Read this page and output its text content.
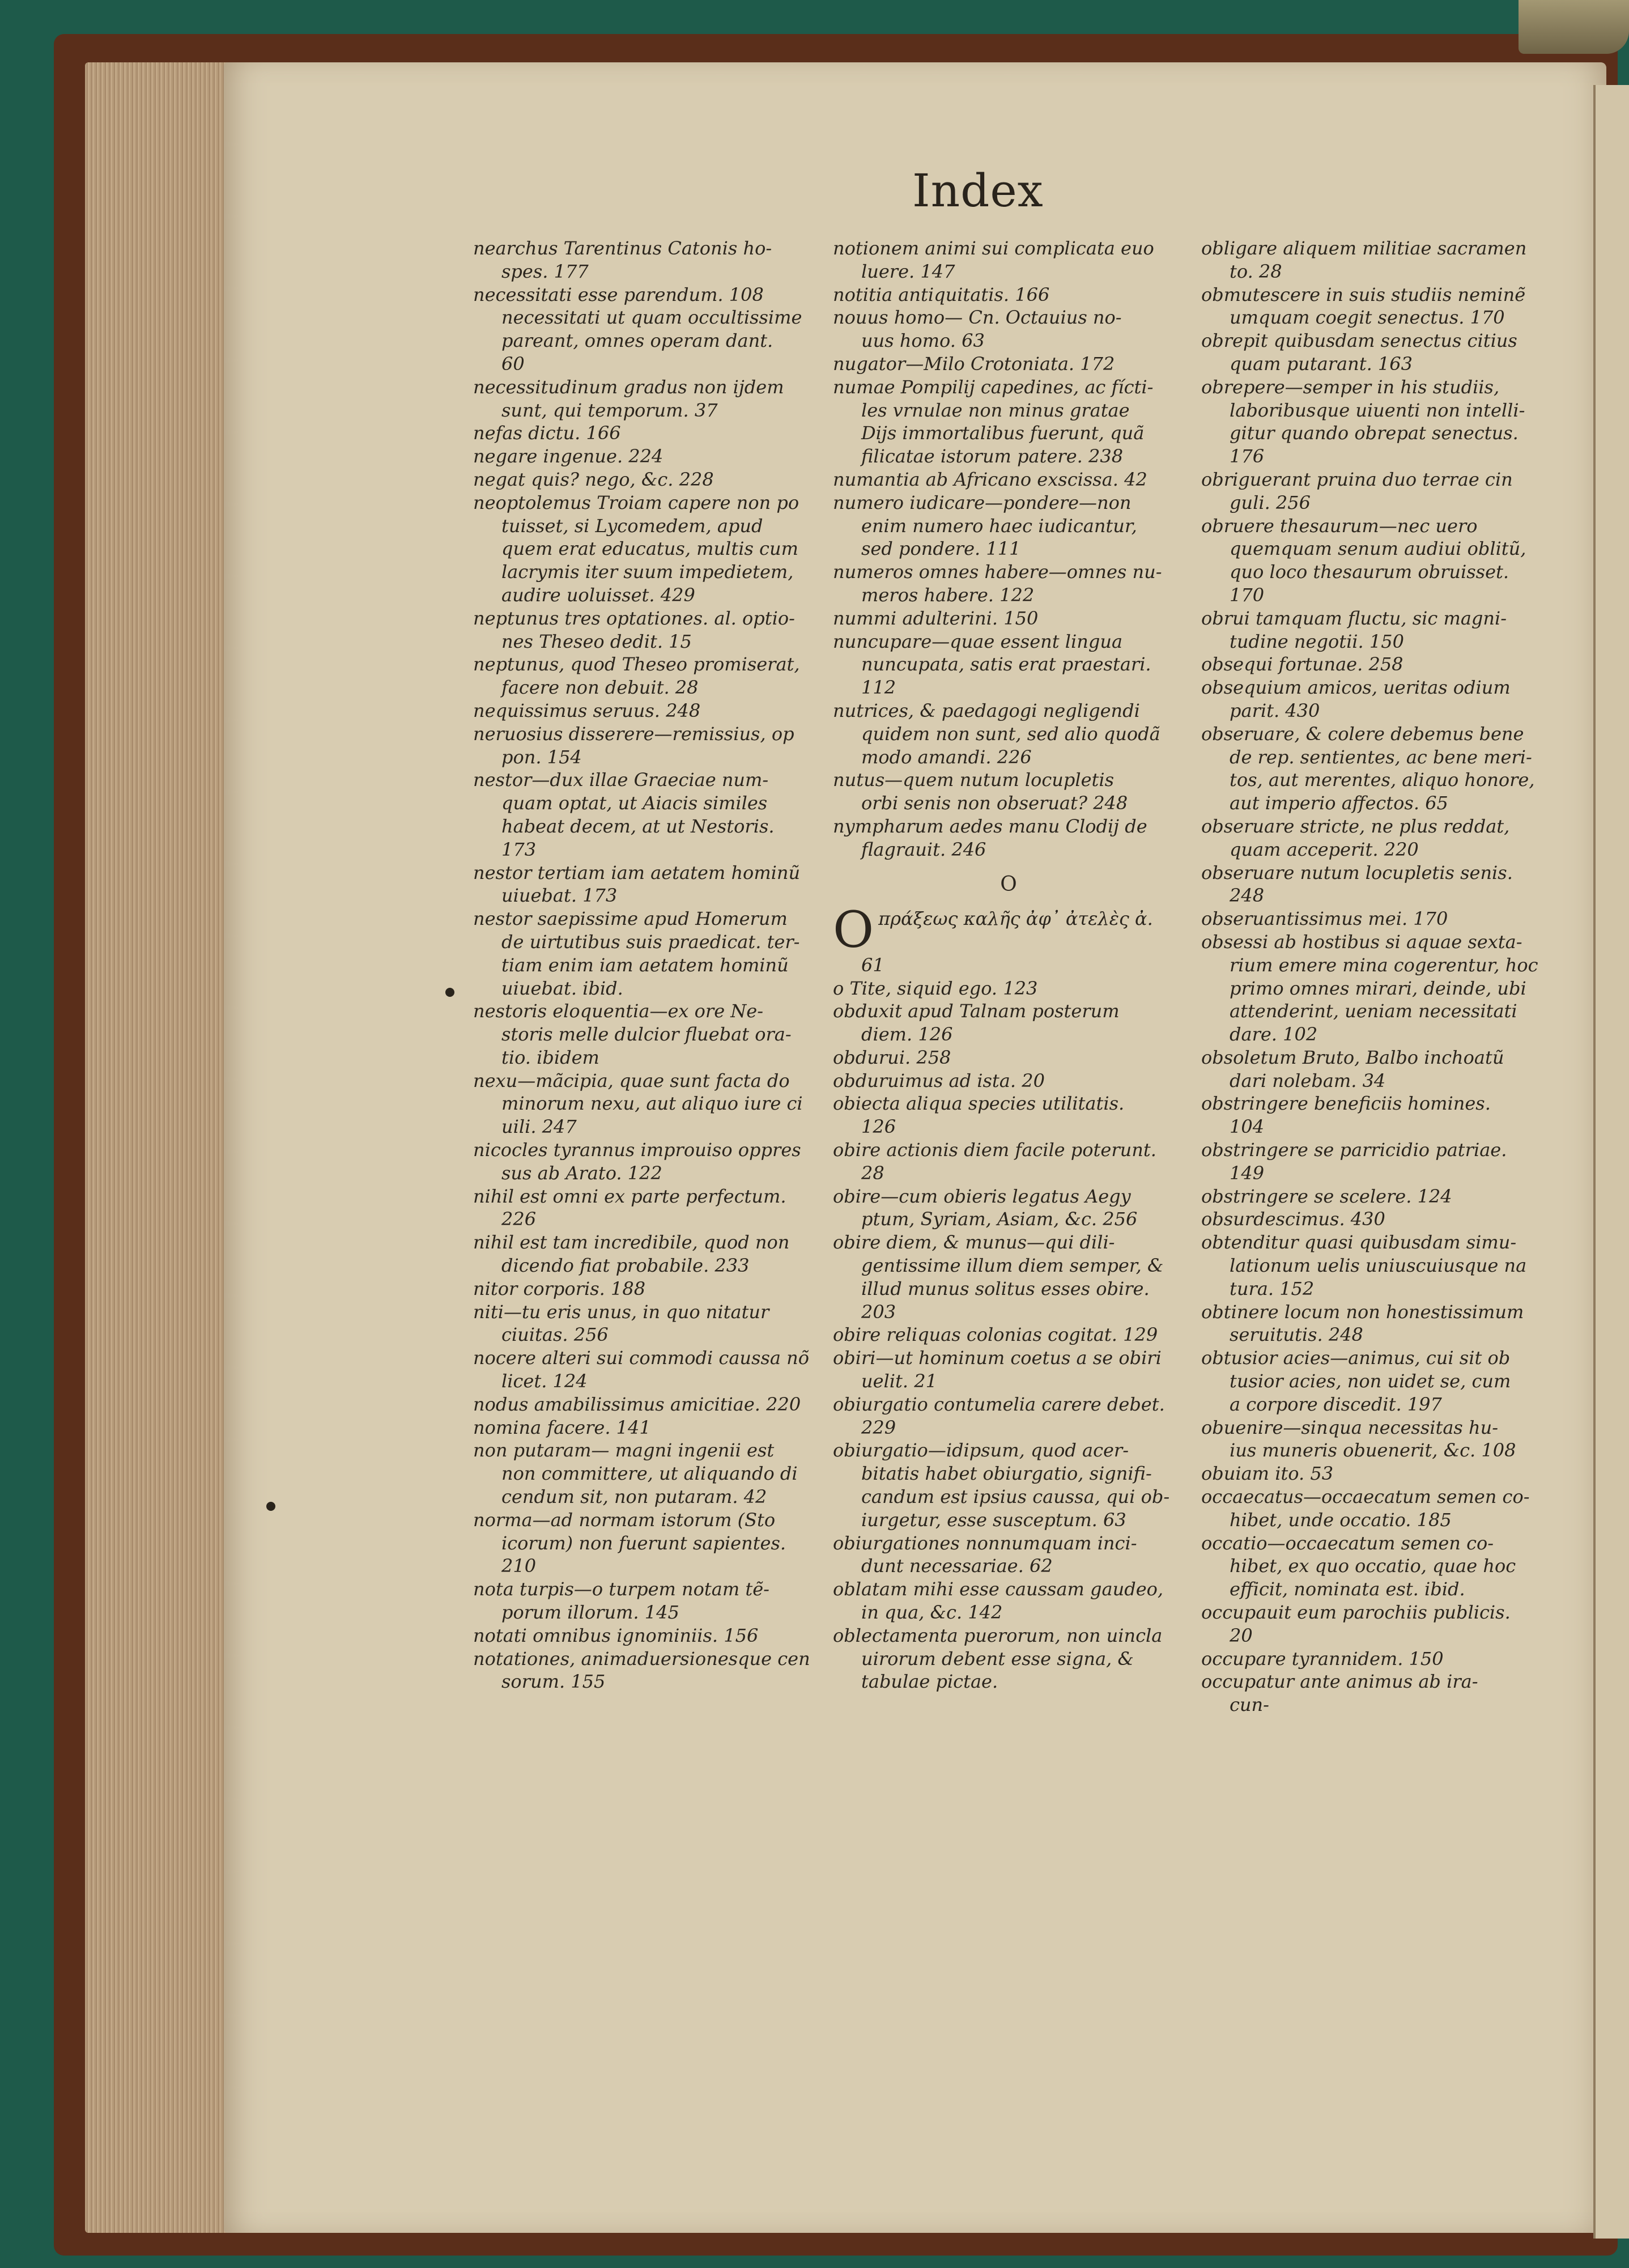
Index
nearchus Tarentinus Catonis ho-
spes. 177
necessitati esse parendum. 108
necessitati ut quam occultissime
pareant, omnes operam dant.
60
necessitudinum gradus non ijdem
sunt, qui temporum. 37
nefas dictu. 166
negare ingenue. 224
negat quis? nego, &c. 228
neoptolemus Troiam capere non po
tuisset, si Lycomedem, apud
quem erat educatus, multis cum
lacrymis iter suum impedietem,
audire uoluisset. 429
neptunus tres optationes. al. optio-
nes Theseo dedit. 15
neptunus, quod Theseo promiserat,
facere non debuit. 28
nequissimus seruus. 248
neruosius disserere—remissius, op
pon. 154
nestor—dux illae Graeciae num-
quam optat, ut Aiacis similes
habeat decem, at ut Nestoris.
173
nestor tertiam iam aetatem hominũ
uiuebat. 173
nestor saepissime apud Homerum
de uirtutibus suis praedicat. ter-
tiam enim iam aetatem hominũ
uiuebat. ibid.
nestoris eloquentia—ex ore Ne-
storis melle dulcior fluebat ora-
tio. ibidem
nexu—mãcipia, quae sunt facta do
minorum nexu, aut aliquo iure ci
uili. 247
nicocles tyrannus improuiso oppres
sus ab Arato. 122
nihil est omni ex parte perfectum.
226
nihil est tam incredibile, quod non
dicendo fiat probabile. 233
nitor corporis. 188
niti—tu eris unus, in quo nitatur
ciuitas. 256
nocere alteri sui commodi caussa nõ
licet. 124
nodus amabilissimus amicitiae. 220
nomina facere. 141
non putaram— magni ingenii est
non committere, ut aliquando di
cendum sit, non putaram. 42
norma—ad normam istorum (Sto
icorum) non fuerunt sapientes.
210
nota turpis—o turpem notam tẽ-
porum illorum. 145
notati omnibus ignominiis. 156
notationes, animaduersionesque cen
sorum. 155
notionem animi sui complicata euo
luere. 147
notitia antiquitatis. 166
nouus homo— Cn. Octauius no-
uus homo. 63
nugator—Milo Crotoniata. 172
numae Pompilij capedines, ac fícti-
les vrnulae non minus gratae
Dijs immortalibus fuerunt, quã
filicatae istorum patere. 238
numantia ab Africano exscissa. 42
numero iudicare—pondere—non
enim numero haec iudicantur,
sed pondere. 111
numeros omnes habere—omnes nu-
meros habere. 122
nummi adulterini. 150
nuncupare—quae essent lingua
nuncupata, satis erat praestari.
112
nutrices, & paedagogi negligendi
quidem non sunt, sed alio quodã
modo amandi. 226
nutus—quem nutum locupletis
orbi senis non obseruat? 248
nympharum aedes manu Clodij de
flagrauit. 246
O
Oπράξεως καλῆς ἀφ᾽ ἀτελὲς ἀ.
61
o Tite, siquid ego. 123
obduxit apud Talnam posterum
diem. 126
obdurui. 258
obduruimus ad ista. 20
obiecta aliqua species utilitatis.
126
obire actionis diem facile poterunt.
28
obire—cum obieris legatus Aegy
ptum, Syriam, Asiam, &c. 256
obire diem, & munus—qui dili-
gentissime illum diem semper, &
illud munus solitus esses obire.
203
obire reliquas colonias cogitat. 129
obiri—ut hominum coetus a se obiri
uelit. 21
obiurgatio contumelia carere debet.
229
obiurgatio—idipsum, quod acer-
bitatis habet obiurgatio, signifi-
candum est ipsius caussa, qui ob-
iurgetur, esse susceptum. 63
obiurgationes nonnumquam inci-
dunt necessariae. 62
oblatam mihi esse caussam gaudeo,
in qua, &c. 142
oblectamenta puerorum, non uincla
uirorum debent esse signa, &
tabulae pictae.
obligare aliquem militiae sacramen
to. 28
obmutescere in suis studiis neminẽ
umquam coegit senectus. 170
obrepit quibusdam senectus citius
quam putarant. 163
obrepere—semper in his studiis,
laboribusque uiuenti non intelli-
gitur quando obrepat senectus.
176
obriguerant pruina duo terrae cin
guli. 256
obruere thesaurum—nec uero
quemquam senum audiui oblitũ,
quo loco thesaurum obruisset.
170
obrui tamquam fluctu, sic magni-
tudine negotii. 150
obsequi fortunae. 258
obsequium amicos, ueritas odium
parit. 430
obseruare, & colere debemus bene
de rep. sentientes, ac bene meri-
tos, aut merentes, aliquo honore,
aut imperio affectos. 65
obseruare stricte, ne plus reddat,
quam acceperit. 220
obseruare nutum locupletis senis.
248
obseruantissimus mei. 170
obsessi ab hostibus si aquae sexta-
rium emere mina cogerentur, hoc
primo omnes mirari, deinde, ubi
attenderint, ueniam necessitati
dare. 102
obsoletum Bruto, Balbo inchoatũ
dari nolebam. 34
obstringere beneficiis homines.
104
obstringere se parricidio patriae.
149
obstringere se scelere. 124
obsurdescimus. 430
obtenditur quasi quibusdam simu-
lationum uelis uniuscuiusque na
tura. 152
obtinere locum non honestissimum
seruitutis. 248
obtusior acies—animus, cui sit ob
tusior acies, non uidet se, cum
a corpore discedit. 197
obuenire—sinqua necessitas hu-
ius muneris obuenerit, &c. 108
obuiam ito. 53
occaecatus—occaecatum semen co-
hibet, unde occatio. 185
occatio—occaecatum semen co-
hibet, ex quo occatio, quae hoc
efficit, nominata est. ibid.
occupauit eum parochiis publicis.
20
occupare tyrannidem. 150
occupatur ante animus ab ira-
cun-
